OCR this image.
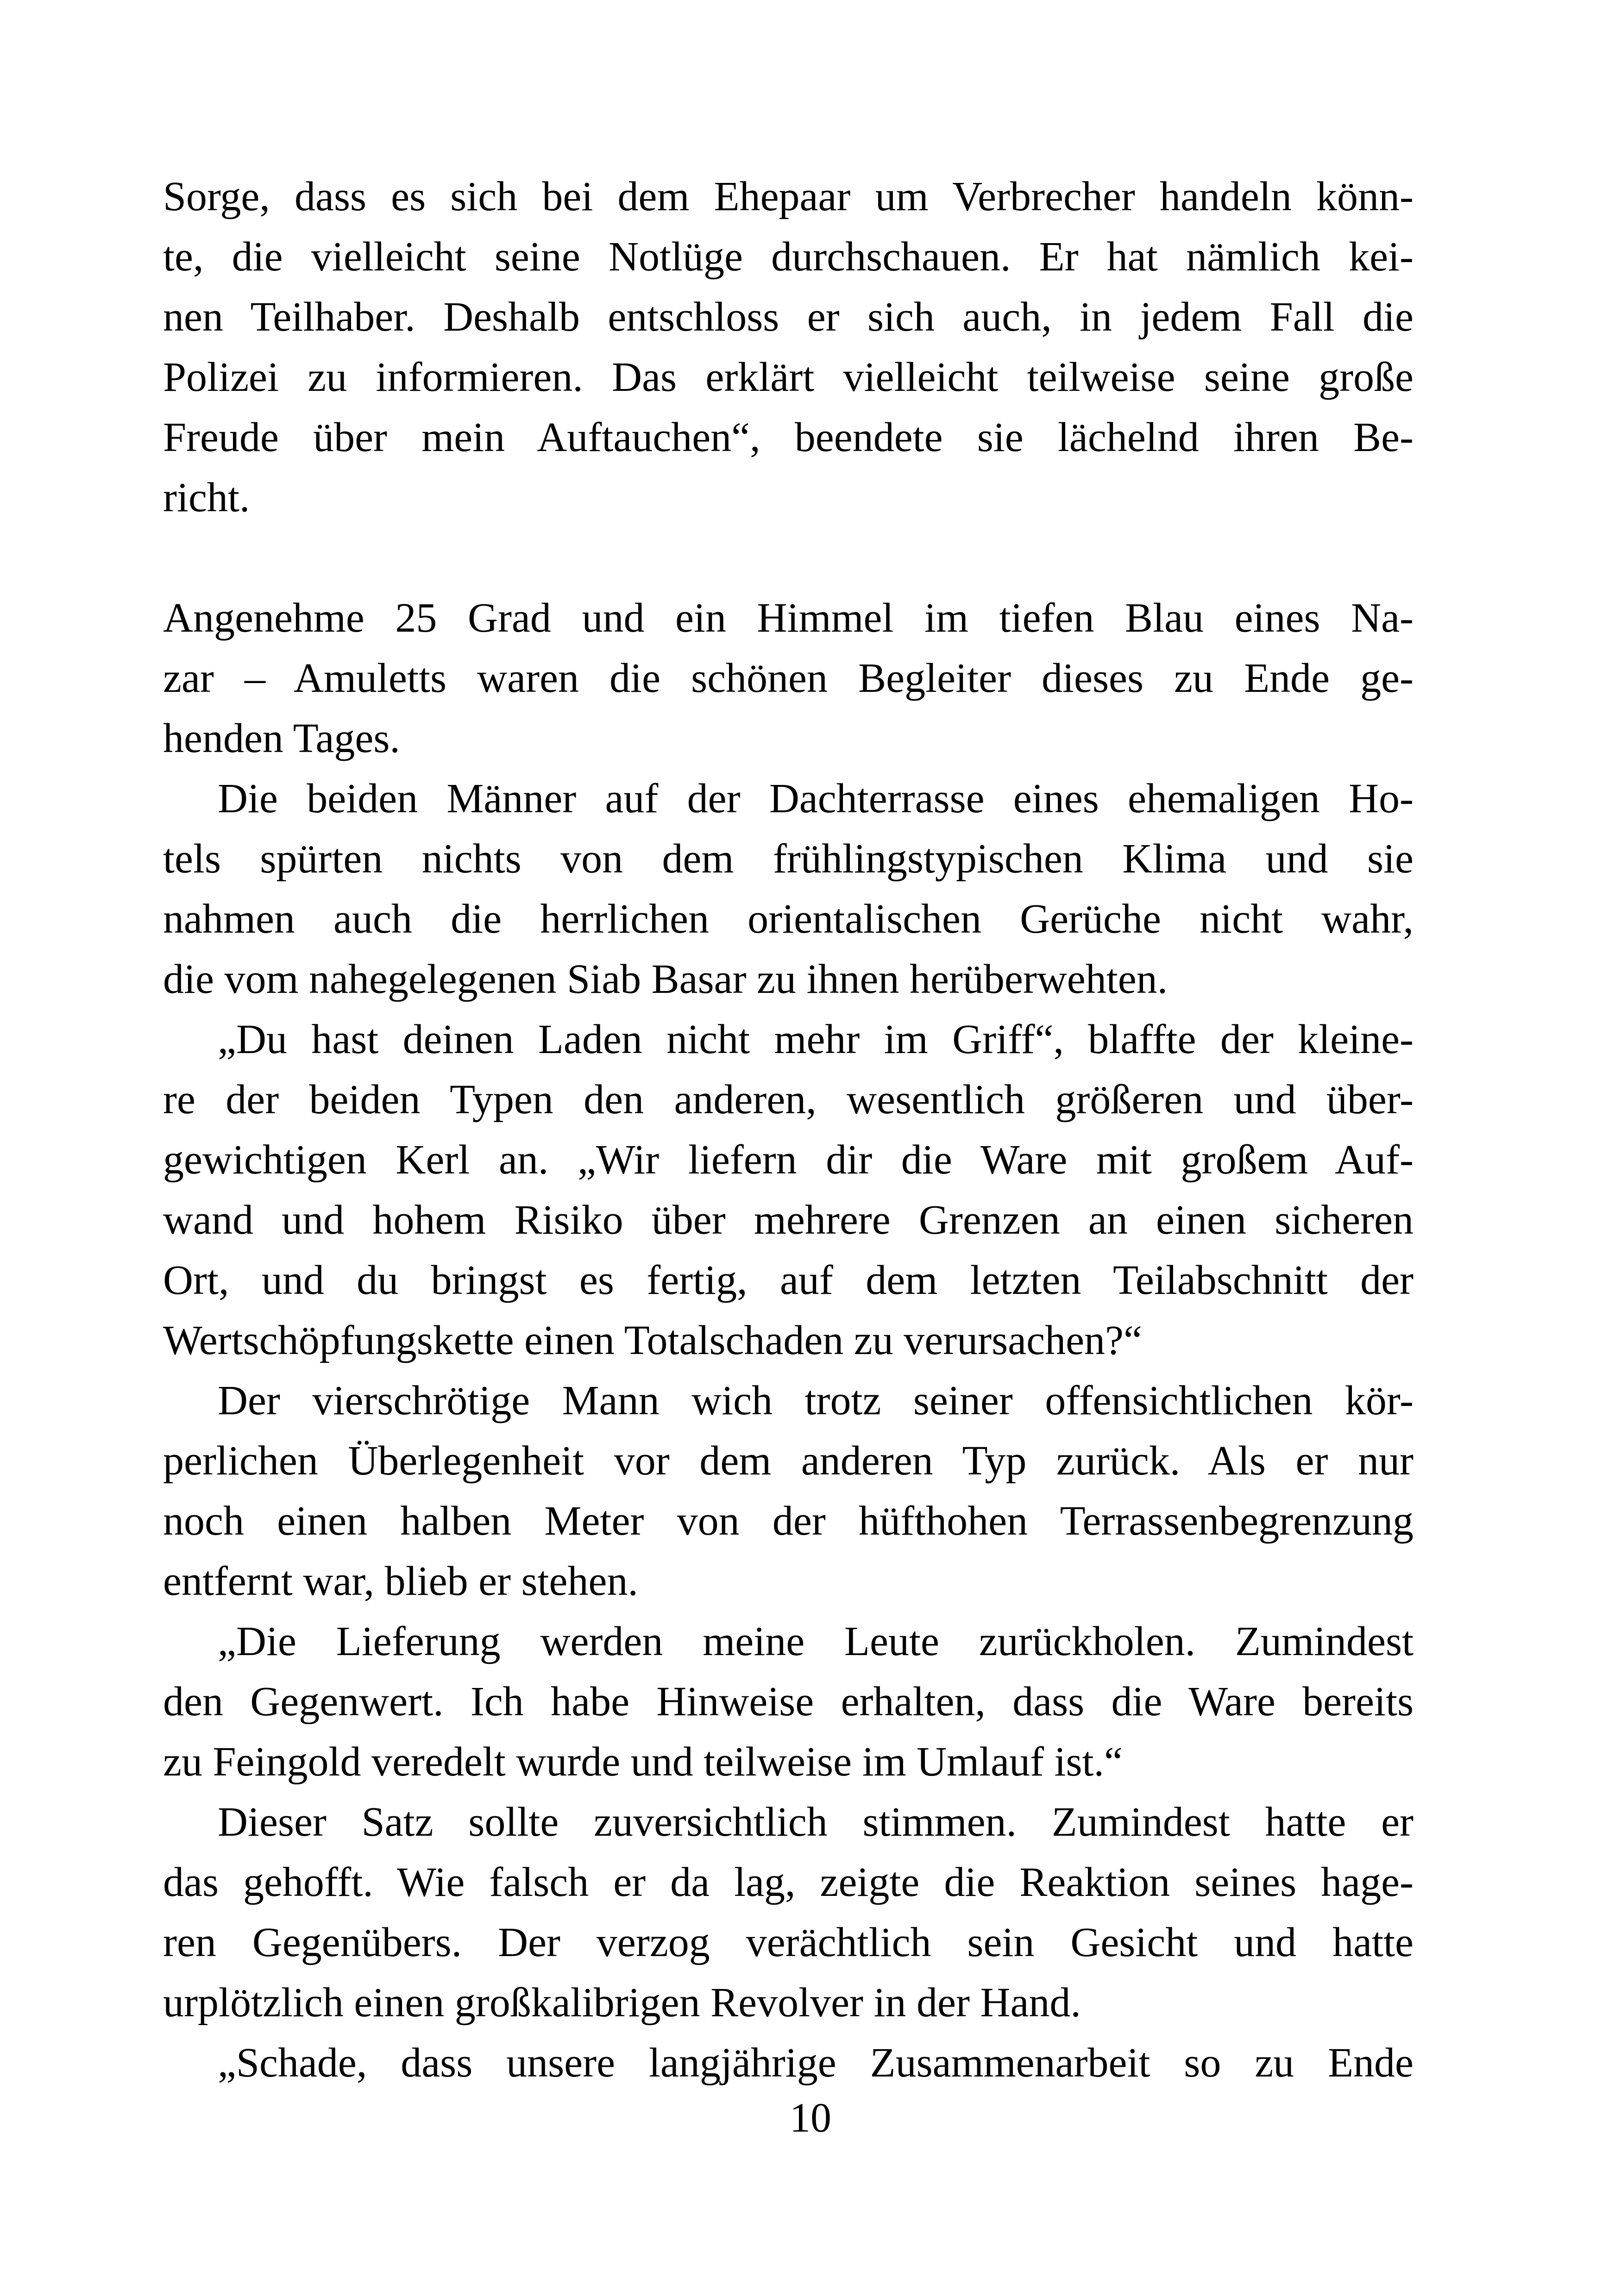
Sorge, dass es sich bei dem Ehepaar um Verbrecher handeln könn-
te, die vielleicht seine Notlüge durchschauen. Er hat nämlich kei-
nen Teilhaber. Deshalb entschloss er sich auch, in jedem Fall die
Polizei zu informieren. Das erklärt vielleicht teilweise seine große
Freude über mein Auftauchen“, beendete sie lächelnd ihren Be-
richt.
Angenehme 25 Grad und ein Himmel im tiefen Blau eines Na-
zar – Amuletts waren die schönen Begleiter dieses zu Ende ge-
henden Tages.
Die beiden Männer auf der Dachterrasse eines ehemaligen Ho-
tels spürten nichts von dem frühlingstypischen Klima und sie
nahmen auch die herrlichen orientalischen Gerüche nicht wahr,
die vom nahegelegenen Siab Basar zu ihnen herüberwehten.
„Du hast deinen Laden nicht mehr im Griff“, blaffte der kleine-
re der beiden Typen den anderen, wesentlich größeren und über-
gewichtigen Kerl an. „Wir liefern dir die Ware mit großem Auf-
wand und hohem Risiko über mehrere Grenzen an einen sicheren
Ort, und du bringst es fertig, auf dem letzten Teilabschnitt der
Wertschöpfungskette einen Totalschaden zu verursachen?“
Der vierschrötige Mann wich trotz seiner offensichtlichen kör-
perlichen Überlegenheit vor dem anderen Typ zurück. Als er nur
noch einen halben Meter von der hüfthohen Terrassenbegrenzung
entfernt war, blieb er stehen.
„Die Lieferung werden meine Leute zurückholen. Zumindest
den Gegenwert. Ich habe Hinweise erhalten, dass die Ware bereits
zu Feingold veredelt wurde und teilweise im Umlauf ist.“
Dieser Satz sollte zuversichtlich stimmen. Zumindest hatte er
das gehofft. Wie falsch er da lag, zeigte die Reaktion seines hage-
ren Gegenübers. Der verzog verächtlich sein Gesicht und hatte
urplötzlich einen großkalibrigen Revolver in der Hand.
„Schade, dass unsere langjährige Zusammenarbeit so zu Ende
10
